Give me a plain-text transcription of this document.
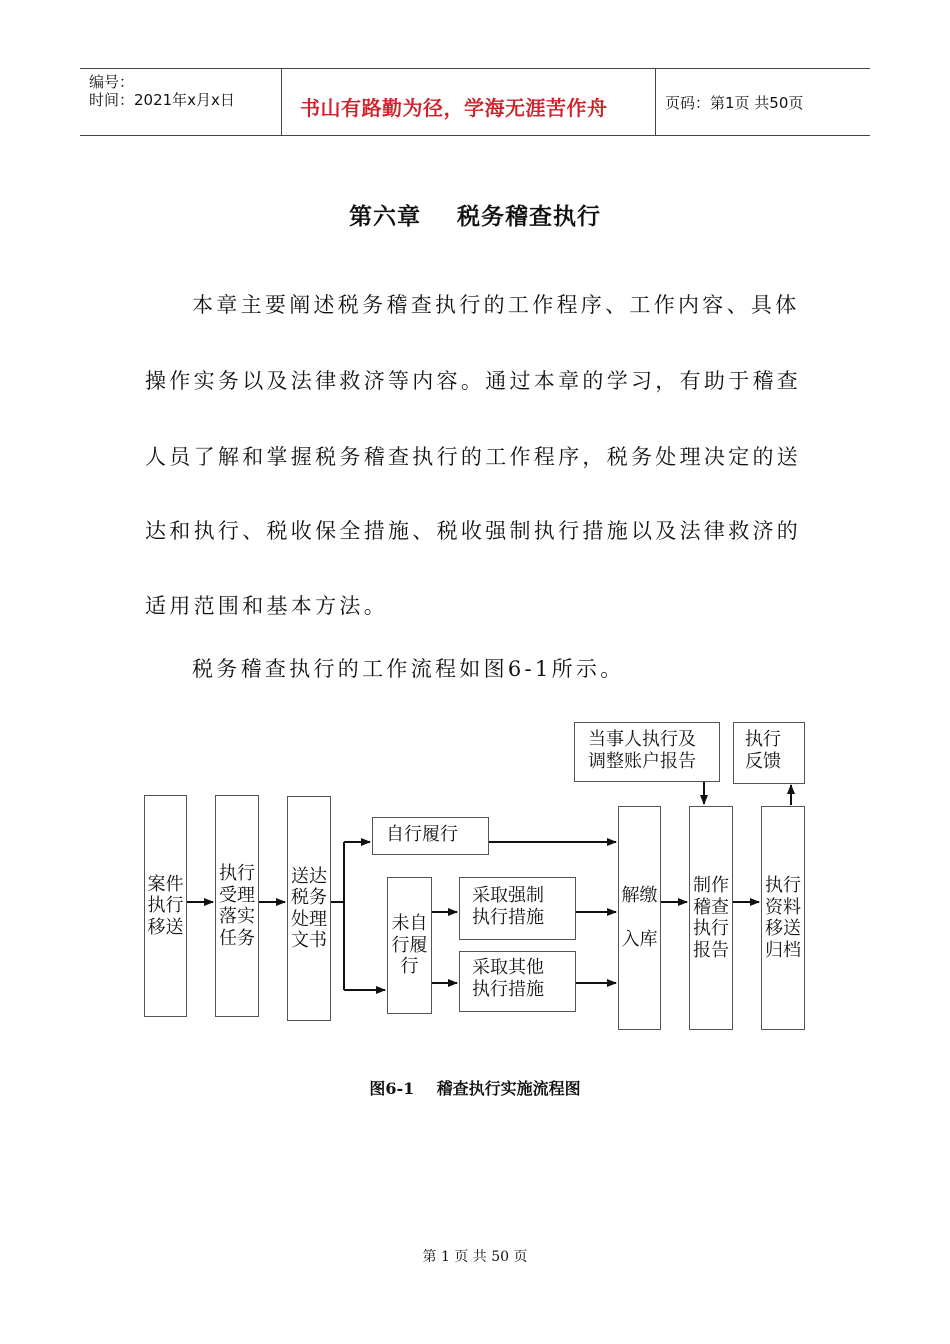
编号：
时间：2021年x月x日	书山有路勤为径，学海无涯苦作舟	页码：第1页 共50页
第六章    税务稽查执行
本章主要阐述税务稽查执行的工作程序、工作内容、具体
操作实务以及法律救济等内容。通过本章的学习，有助于稽查
人员了解和掌握税务稽查执行的工作程序，税务处理决定的送
达和执行、税收保全措施、税收强制执行措施以及法律救济的
适用范围和基本方法。
税务稽查执行的工作流程如图6-1所示。
案件执行移送
执行受理落实任务
送达税务处理文书
自行履行
未自行履行
采取强制
执行措施
采取其他
执行措施
解缴入库
制作稽查执行报告
执行资料移送归档
当事人执行及
调整账户报告
执行
反馈
图6-1    稽查执行实施流程图
第 1 页 共 50 页
